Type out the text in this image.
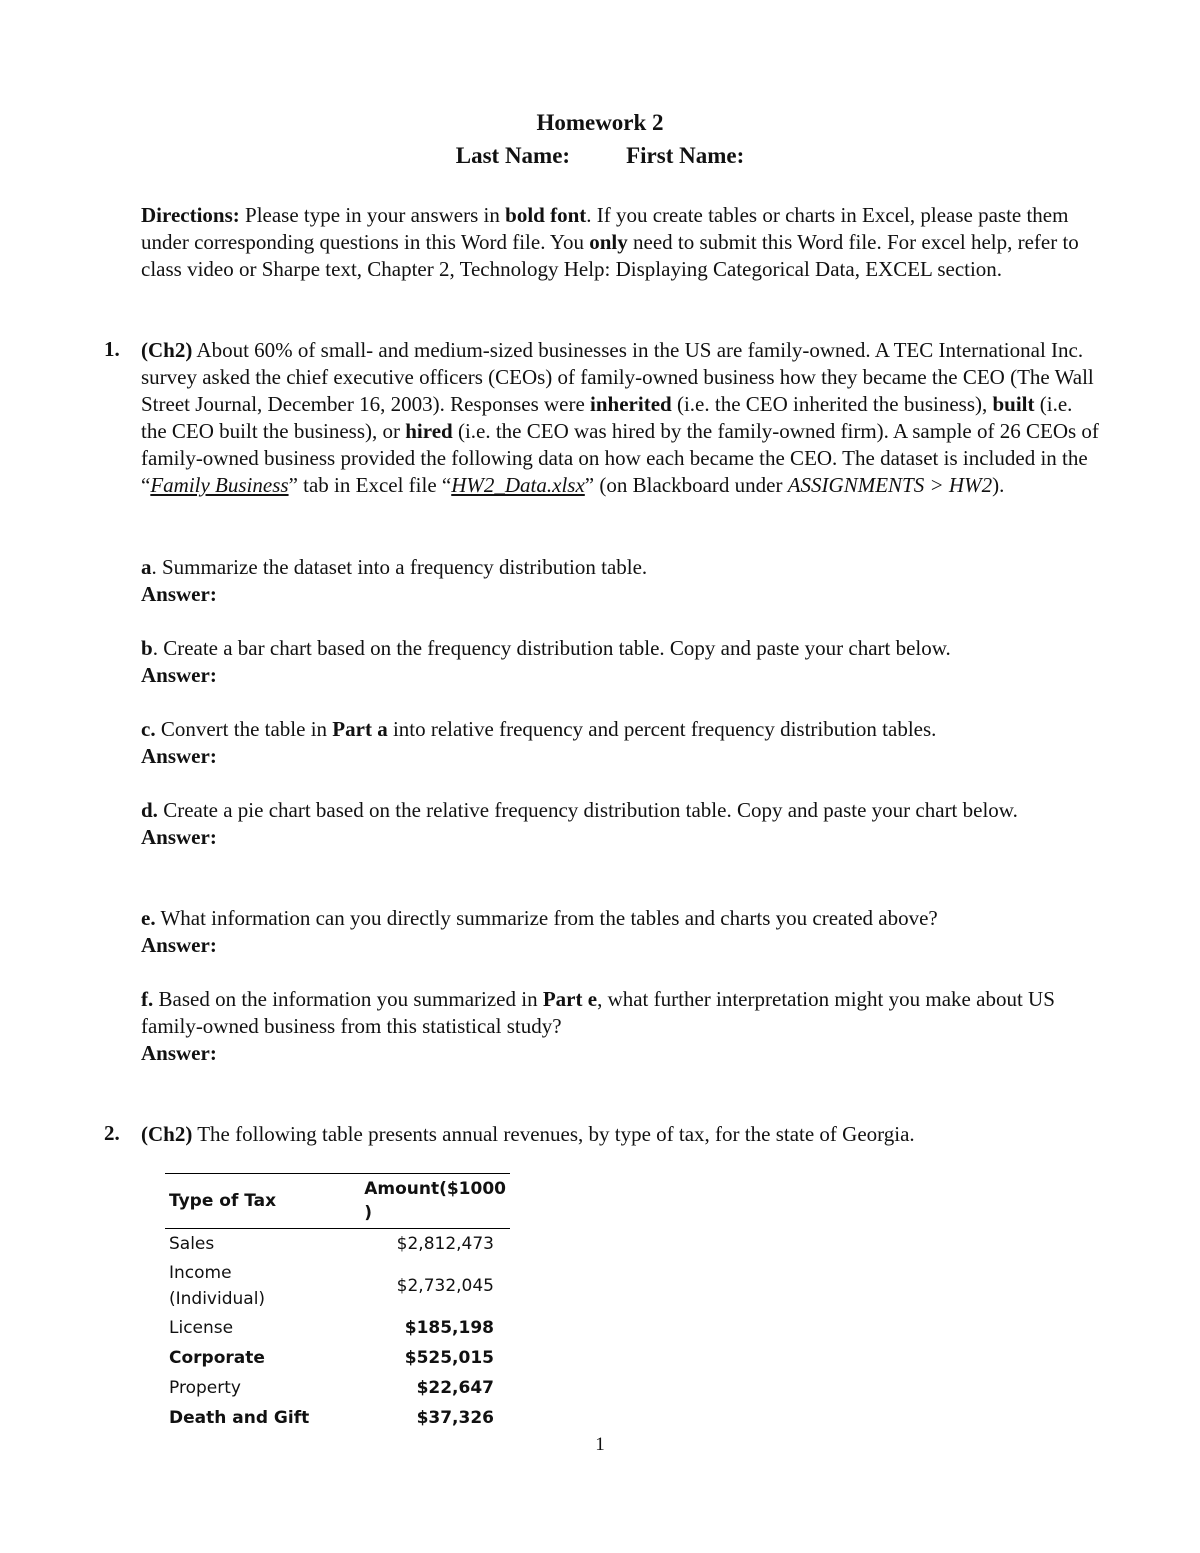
Homework 2
Last Name: First Name:
Directions: Please type in your answers in bold font. If you create tables or charts in Excel, please paste them under corresponding questions in this Word file. You only need to submit this Word file. For excel help, refer to class video or Sharpe text, Chapter 2, Technology Help: Displaying Categorical Data, EXCEL section.
1. (Ch2) About 60% of small- and medium-sized businesses in the US are family-owned. A TEC International Inc. survey asked the chief executive officers (CEOs) of family-owned business how they became the CEO (The Wall Street Journal, December 16, 2003). Responses were inherited (i.e. the CEO inherited the business), built (i.e. the CEO built the business), or hired (i.e. the CEO was hired by the family-owned firm). A sample of 26 CEOs of family-owned business provided the following data on how each became the CEO. The dataset is included in the “Family Business” tab in Excel file “HW2_Data.xlsx” (on Blackboard under ASSIGNMENTS > HW2).
a. Summarize the dataset into a frequency distribution table.
Answer:
b. Create a bar chart based on the frequency distribution table. Copy and paste your chart below.
Answer:
c. Convert the table in Part a into relative frequency and percent frequency distribution tables.
Answer:
d. Create a pie chart based on the relative frequency distribution table. Copy and paste your chart below.
Answer:
e. What information can you directly summarize from the tables and charts you created above?
Answer:
f. Based on the information you summarized in Part e, what further interpretation might you make about US family-owned business from this statistical study?
Answer:
2. (Ch2) The following table presents annual revenues, by type of tax, for the state of Georgia.
Type of Tax	Amount($1000
)
Sales	$2,812,473
Income
(Individual)	$2,732,045
License	$185,198
Corporate	$525,015
Property	$22,647
Death and Gift	$37,326
1
